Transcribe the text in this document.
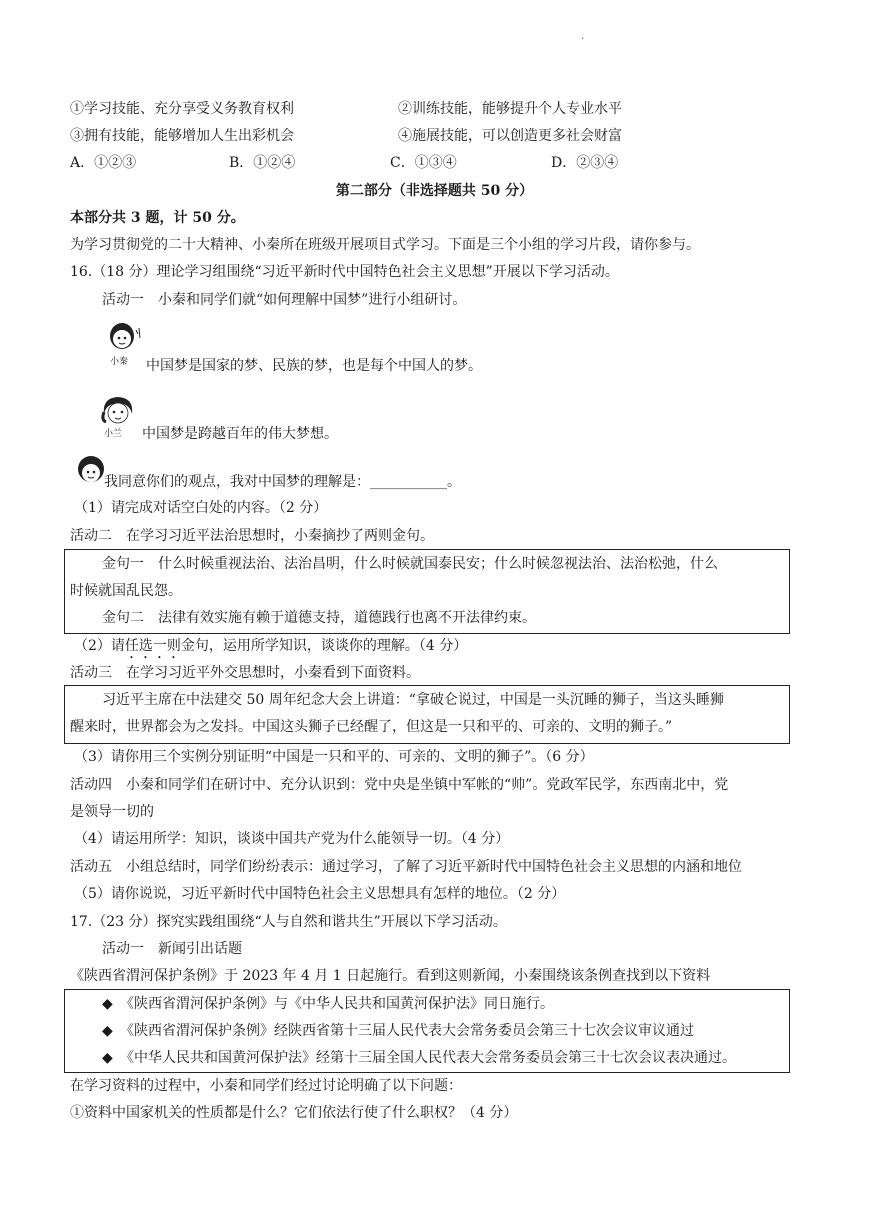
·
①学习技能、充分享受义务教育权利	②训练技能，能够提升个人专业水平
③拥有技能，能够增加人生出彩机会	④施展技能，可以创造更多社会财富
A．①②③	B．①②④	C．①③④	D．②③④
第二部分（非选择题共 50 分）
本部分共 3 题，计 50 分。
为学习贯彻党的二十大精神、小秦所在班级开展项目式学习。下面是三个小组的学习片段，请你参与。
16.（18 分）理论学习组围绕“习近平新时代中国特色社会主义思想”开展以下学习活动。
活动一　小秦和同学们就“如何理解中国梦”进行小组研讨。
小秦 中国梦是国家的梦、民族的梦，也是每个中国人的梦。
小兰 中国梦是跨越百年的伟大梦想。
我同意你们的观点，我对中国梦的理解是：___________。
（1）请完成对话空白处的内容。（2 分）
活动二　在学习习近平法治思想时，小秦摘抄了两则金句。
金句一　什么时候重视法治、法治昌明，什么时候就国泰民安；什么时候忽视法治、法治松弛，什么
时候就国乱民怨。
金句二　法律有效实施有赖于道德支持，道德践行也离不开法律约束。
（2）请任选一则金句，运用所学知识，谈谈你的理解。（4 分）
活动三　在学习习近平外交思想时，小秦看到下面资料。
习近平主席在中法建交 50 周年纪念大会上讲道：“拿破仑说过，中国是一头沉睡的狮子，当这头睡狮
醒来时，世界都会为之发抖。中国这头狮子已经醒了，但这是一只和平的、可亲的、文明的狮子。”
（3）请你用三个实例分别证明“中国是一只和平的、可亲的、文明的狮子”。（6 分）
活动四　小秦和同学们在研讨中、充分认识到：党中央是坐镇中军帐的“帅”。党政军民学，东西南北中，党
是领导一切的
（4）请运用所学：知识，谈谈中国共产党为什么能领导一切。（4 分）
活动五　小组总结时，同学们纷纷表示：通过学习，了解了习近平新时代中国特色社会主义思想的内涵和地位
（5）请你说说，习近平新时代中国特色社会主义思想具有怎样的地位。（2 分）
17.（23 分）探究实践组围绕“人与自然和谐共生”开展以下学习活动。
活动一　新闻引出话题
《陕西省渭河保护条例》于 2023 年 4 月 1 日起施行。看到这则新闻，小秦围绕该条例查找到以下资料
◆ 《陕西省渭河保护条例》与《中华人民共和国黄河保护法》同日施行。
◆ 《陕西省渭河保护条例》经陕西省第十三届人民代表大会常务委员会第三十七次会议审议通过
◆ 《中华人民共和国黄河保护法》经第十三届全国人民代表大会常务委员会第三十七次会议表决通过。
在学习资料的过程中，小秦和同学们经过讨论明确了以下问题：
①资料中国家机关的性质都是什么？它们依法行使了什么职权？（4 分）
